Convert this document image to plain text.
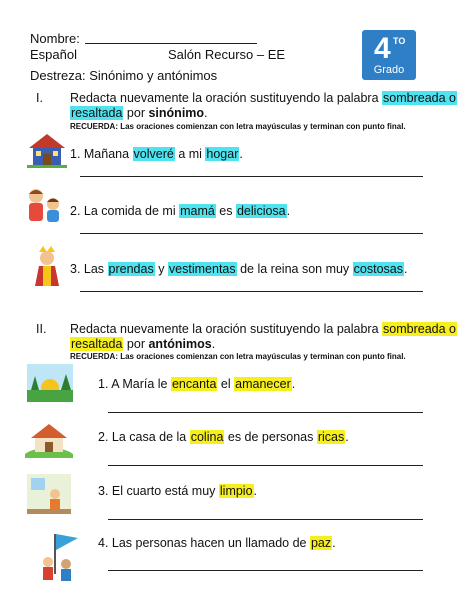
Nombre:
Español	Salón Recurso – EE
Destreza: Sinónimo y antónimos
4 TO
Grado
I. Redacta nuevamente la oración sustituyendo la palabra sombreada o
resaltada por sinónimo.
RECUERDA: Las oraciones comienzan con letra mayúsculas y terminan con punto final.
1. Mañana volveré a mi hogar.
2. La comida de mi mamá es deliciosa.
3. Las prendas y vestimentas de la reina son muy costosas.
II. Redacta nuevamente la oración sustituyendo la palabra sombreada o
resaltada por antónimos.
RECUERDA: Las oraciones comienzan con letra mayúsculas y terminan con punto final.
1. A María le encanta el amanecer.
2. La casa de la colina es de personas ricas.
3. El cuarto está muy limpio.
4. Las personas hacen un llamado de paz.
